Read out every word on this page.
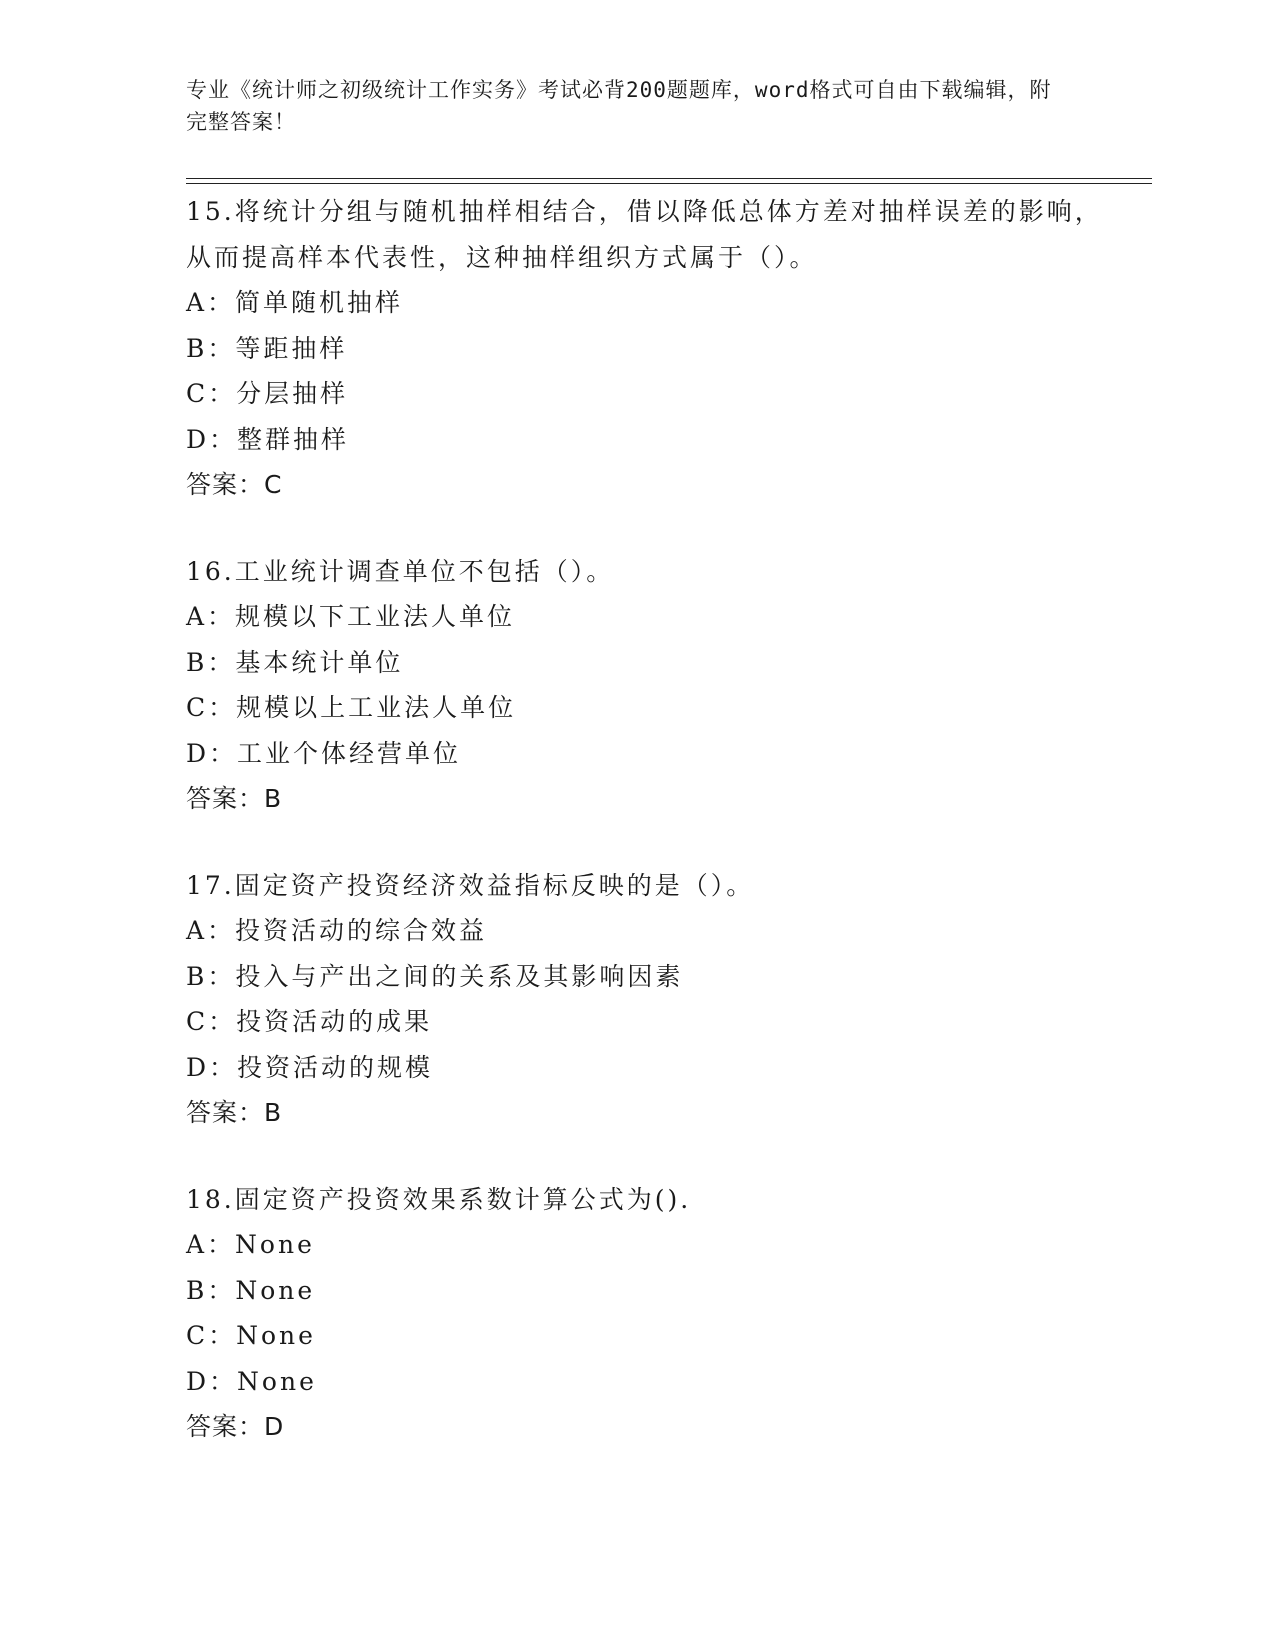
专业《统计师之初级统计工作实务》考试必背200题题库，word格式可自由下载编辑，附完整答案！

15.将统计分组与随机抽样相结合，借以降低总体方差对抽样误差的影响，从而提高样本代表性，这种抽样组织方式属于（）。

A：简单随机抽样

B：等距抽样

C：分层抽样

D：整群抽样

答案：C

16.工业统计调查单位不包括（）。

A：规模以下工业法人单位

B：基本统计单位

C：规模以上工业法人单位

D：工业个体经营单位

答案：B

17.固定资产投资经济效益指标反映的是（）。

A：投资活动的综合效益

B：投入与产出之间的关系及其影响因素

C：投资活动的成果

D：投资活动的规模

答案：B

18.固定资产投资效果系数计算公式为().

A：None

B：None

C：None

D：None

答案：D
